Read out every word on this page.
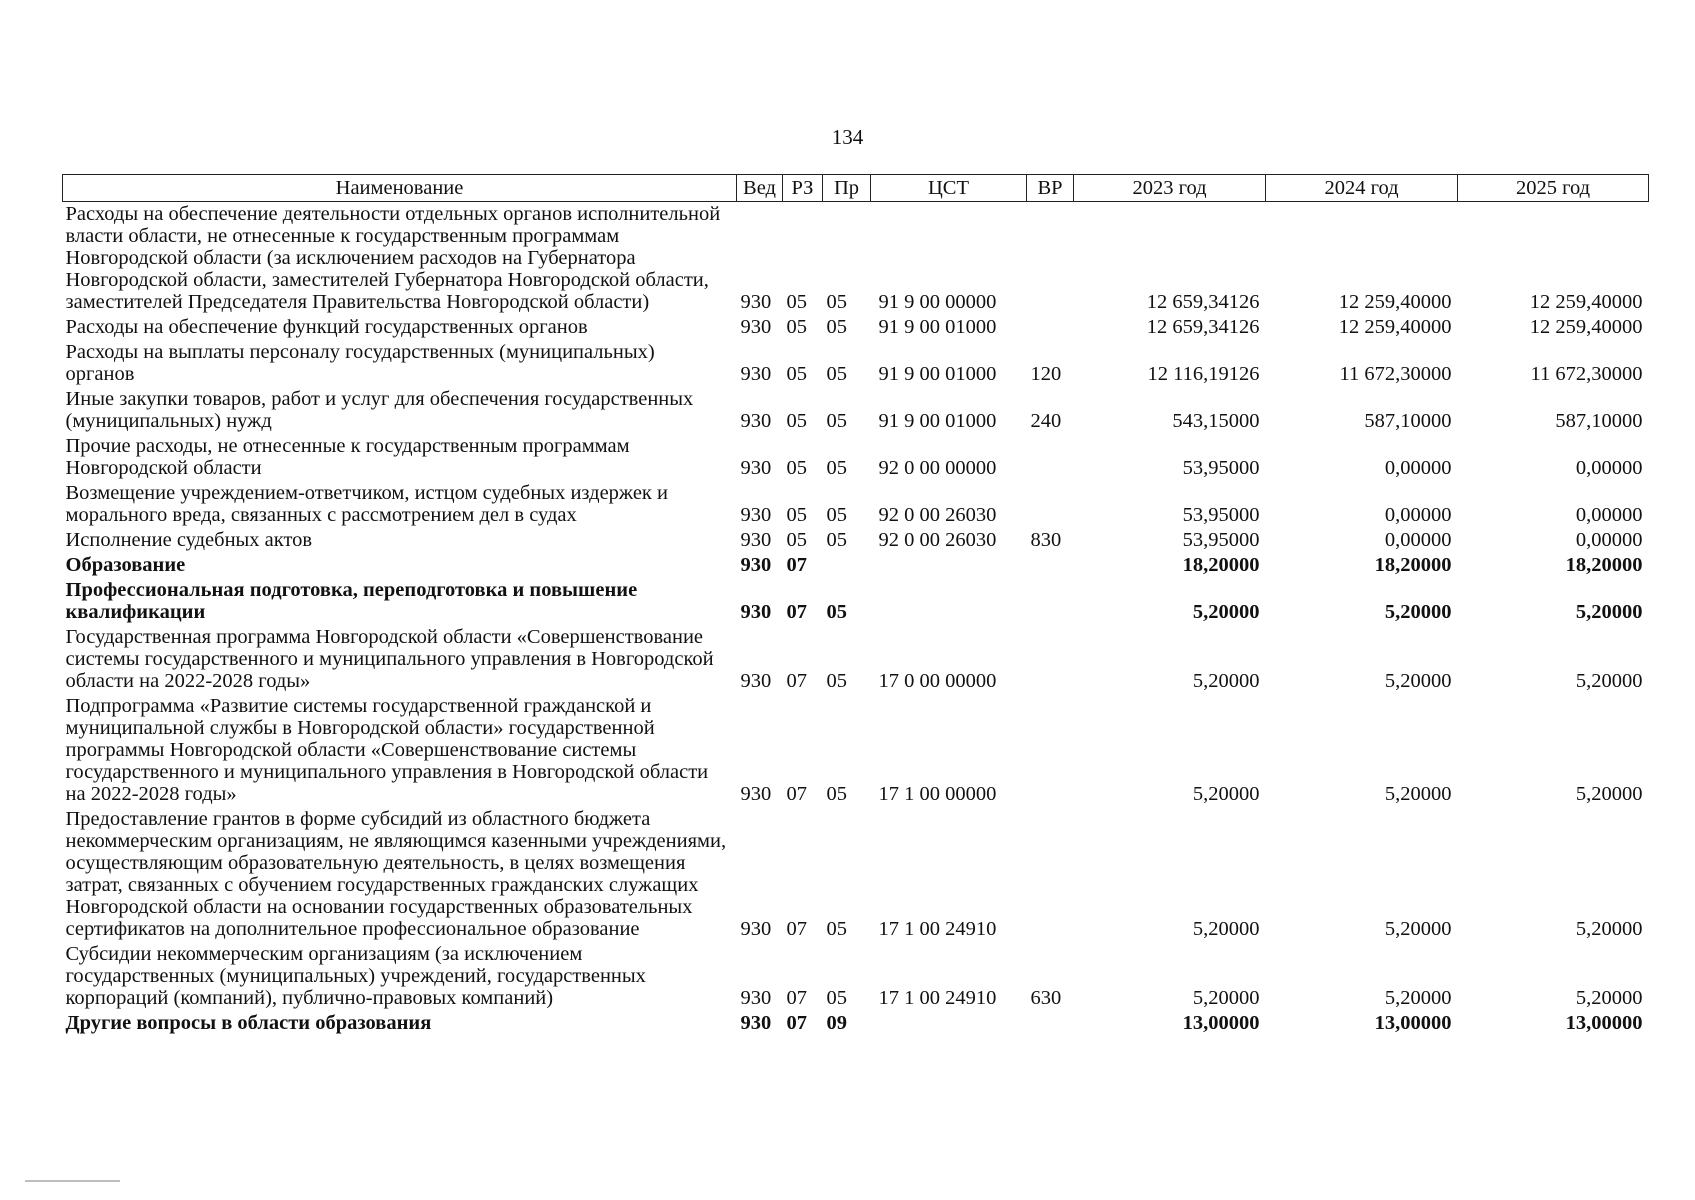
134
Наименование	Вед	РЗ	Пр	ЦСТ	ВР	2023 год	2024 год	2025 год
Расходы на обеспечение деятельности отдельных органов исполнительной власти области, не отнесенные к государственным программам Новгородской области (за исключением расходов на Губернатора Новгородской области, заместителей Губернатора Новгородской области, заместителей Председателя Правительства Новгородской области)	930	05	05	91 9 00 00000		12 659,34126	12 259,40000	12 259,40000
Расходы на обеспечение функций государственных органов	930	05	05	91 9 00 01000		12 659,34126	12 259,40000	12 259,40000
Расходы на выплаты персоналу государственных (муниципальных) органов	930	05	05	91 9 00 01000	120	12 116,19126	11 672,30000	11 672,30000
Иные закупки товаров, работ и услуг для обеспечения государственных (муниципальных) нужд	930	05	05	91 9 00 01000	240	543,15000	587,10000	587,10000
Прочие расходы, не отнесенные к государственным программам Новгородской области	930	05	05	92 0 00 00000		53,95000	0,00000	0,00000
Возмещение учреждением-ответчиком, истцом судебных издержек и морального вреда, связанных с рассмотрением дел в судах	930	05	05	92 0 00 26030		53,95000	0,00000	0,00000
Исполнение судебных актов	930	05	05	92 0 00 26030	830	53,95000	0,00000	0,00000
Образование	930	07				18,20000	18,20000	18,20000
Профессиональная подготовка, переподготовка и повышение квалификации	930	07	05			5,20000	5,20000	5,20000
Государственная программа Новгородской области «Совершенствование системы государственного и муниципального управления в Новгородской области на 2022-2028 годы»	930	07	05	17 0 00 00000		5,20000	5,20000	5,20000
Подпрограмма «Развитие системы государственной гражданской и муниципальной службы в Новгородской области» государственной программы Новгородской области «Совершенствование системы государственного и муниципального управления в Новгородской области на 2022-2028 годы»	930	07	05	17 1 00 00000		5,20000	5,20000	5,20000
Предоставление грантов в форме субсидий из областного бюджета некоммерческим организациям, не являющимся казенными учреждениями, осуществляющим образовательную деятельность, в целях возмещения затрат, связанных с обучением государственных гражданских служащих Новгородской области на основании государственных образовательных сертификатов на дополнительное профессиональное образование	930	07	05	17 1 00 24910		5,20000	5,20000	5,20000
Субсидии некоммерческим организациям (за исключением государственных (муниципальных) учреждений, государственных корпораций (компаний), публично-правовых компаний)	930	07	05	17 1 00 24910	630	5,20000	5,20000	5,20000
Другие вопросы в области образования	930	07	09			13,00000	13,00000	13,00000
